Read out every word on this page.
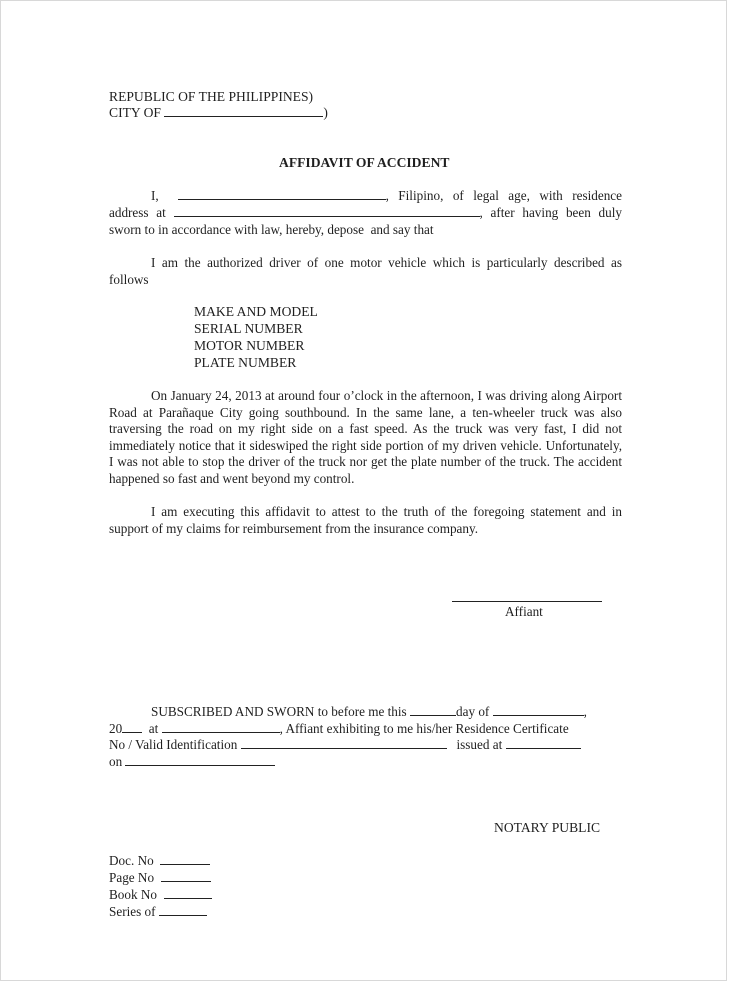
REPUBLIC OF THE PHILIPPINES)
CITY OF	)
AFFIDAVIT OF ACCIDENT
I,	, Filipino, of legal age, with residence
address at	, after having been duly
sworn to in accordance with law, hereby, depose  and say that
I am the authorized driver of one motor vehicle which is particularly described as follows
MAKE AND MODEL
SERIAL NUMBER
MOTOR NUMBER
PLATE NUMBER
On January 24, 2013 at around four o’clock in the afternoon, I was driving along Airport Road at Parañaque City going southbound. In the same lane, a ten-wheeler truck was also traversing the road on my right side on a fast speed. As the truck was very fast, I did not immediately notice that it sideswiped the right side portion of my driven vehicle. Unfortunately, I was not able to stop the driver of the truck nor get the plate number of the truck. The accident happened so fast and went beyond my control.
I am executing this affidavit to attest to the truth of the foregoing statement and in support of my claims for reimbursement from the insurance company.
Affiant
SUBSCRIBED AND SWORN to before me this	day of	,
20 at	, Affiant exhibiting to me his/her Residence Certificate
No / Valid Identification	issued at
on
NOTARY PUBLIC
Doc. No
Page No
Book No
Series of
